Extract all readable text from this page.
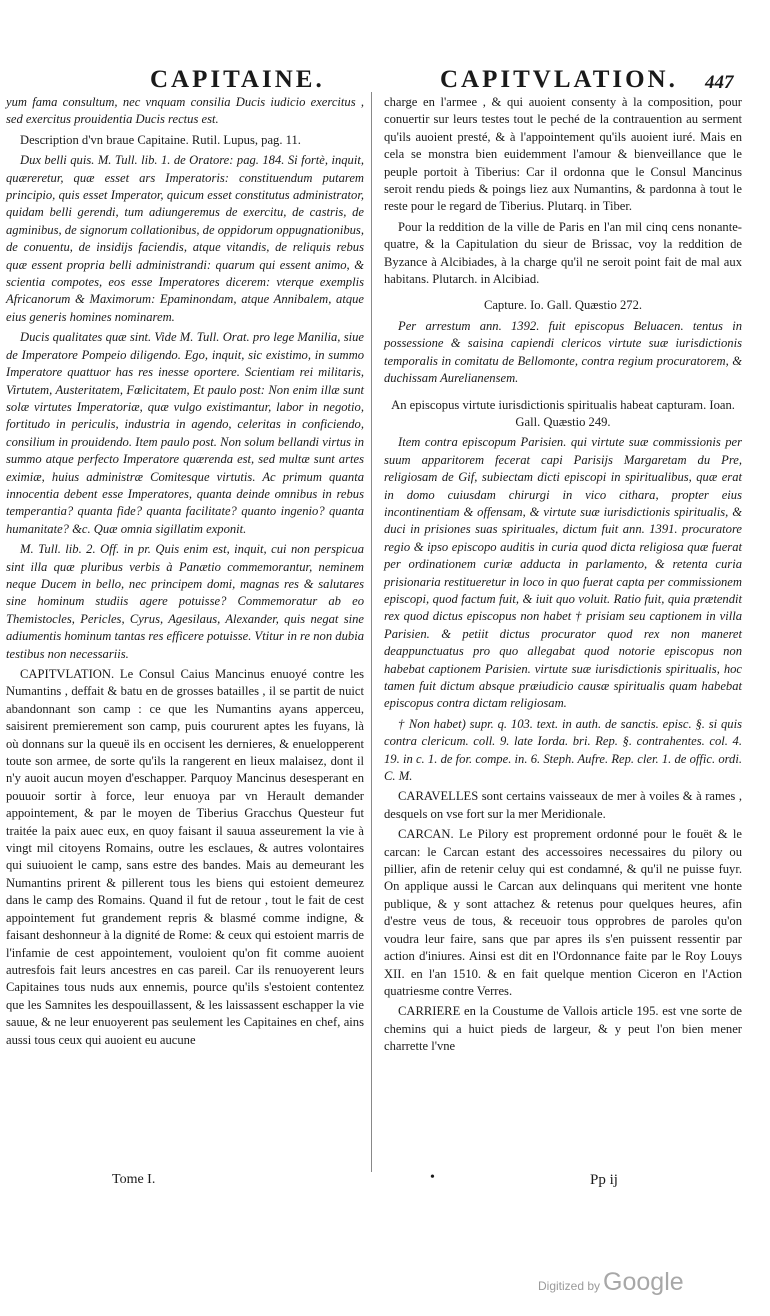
CAPITAINE.	CAPITVLATION. 447

yum fama consultum, nec vnquam consilia Ducis iudicio exercitus , sed exercitus prouidentia Ducis rectus est.

Description d'vn braue Capitaine. Rutil. Lupus, pag. 11.

Dux belli quis. M. Tull. lib. 1. de Oratore: pag. 184. Si fortè, inquit, quæreretur, quæ esset ars Imperatoris: constituendum putarem principio, quis esset Imperator, quicum esset constitutus administrator, quidam belli gerendi, tum adiungeremus de exercitu, de castris, de agminibus, de signorum collationibus, de oppidorum oppugnationibus, de conuentu, de insidijs faciendis, atque vitandis, de reliquis rebus quæ essent propria belli administrandi: quarum qui essent animo, & scientia compotes, eos esse Imperatores dicerem: vterque exemplis Africanorum & Maximorum: Epaminondam, atque Annibalem, atque eius generis homines nominarem.

Ducis qualitates quæ sint. Vide M. Tull. Orat. pro lege Manilia, siue de Imperatore Pompeio diligendo. Ego, inquit, sic existimo, in summo Imperatore quattuor has res inesse oportere. Scientiam rei militaris, Virtutem, Austeritatem, Fœlicitatem, Et paulo post: Non enim illæ sunt solæ virtutes Imperatoriæ, quæ vulgo existimantur, labor in negotio, fortitudo in periculis, industria in agendo, celeritas in conficiendo, consilium in prouidendo. Item paulo post. Non solum bellandi virtus in summo atque perfecto Imperatore quærenda est, sed multæ sunt artes eximiæ, huius administræ Comitesque virtutis. Ac primum quanta innocentia debent esse Imperatores, quanta deinde omnibus in rebus temperantia? quanta fide? quanta facilitate? quanto ingenio? quanta humanitate? &c. Quæ omnia sigillatim exponit.

M. Tull. lib. 2. Off. in pr. Quis enim est, inquit, cui non perspicua sint illa quæ pluribus verbis à Panætio commemorantur, neminem neque Ducem in bello, nec principem domi, magnas res & salutares sine hominum studiis agere potuisse? Commemoratur ab eo Themistocles, Pericles, Cyrus, Agesilaus, Alexander, quis negat sine adiumentis hominum tantas res efficere potuisse. Vtitur in re non dubia testibus non necessariis.

CAPITVLATION. Le Consul Caius Mancinus enuoyé contre les Numantins , deffait & batu en de grosses batailles , il se partit de nuict abandonnant son camp : ce que les Numantins ayans apperceu, saisirent premierement son camp, puis coururent aptes les fuyans, là où donnans sur la queuë ils en occisent les dernieres, & enuelopperent toute son armee, de sorte qu'ils la rangerent en lieux malaisez, dont il n'y auoit aucun moyen d'eschapper. Parquoy Mancinus desesperant en pouuoir sortir à force, leur enuoya par vn Herault demander appointement, & par le moyen de Tiberius Gracchus Questeur fut traitée la paix auec eux, en quoy faisant il sauua asseurement la vie à vingt mil citoyens Romains, outre les esclaues, & autres volontaires qui suiuoient le camp, sans estre des bandes. Mais au demeurant les Numantins prirent & pillerent tous les biens qui estoient demeurez dans le camp des Romains. Quand il fut de retour , tout le fait de cest appointement fut grandement repris & blasmé comme indigne, & faisant deshonneur à la dignité de Rome: & ceux qui estoient marris de l'infamie de cest appointement, vouloient qu'on fit comme auoient autresfois fait leurs ancestres en cas pareil. Car ils renuoyerent leurs Capitaines tous nuds aux ennemis, pource qu'ils s'estoient contentez que les Samnites les despouillassent, & les laissassent eschapper la vie sauue, & ne leur enuoyerent pas seulement les Capitaines en chef, ains aussi tous ceux qui auoient eu aucune

charge en l'armee , & qui auoient consenty à la composition, pour conuertir sur leurs testes tout le peché de la contrauention au serment qu'ils auoient presté, & à l'appointement qu'ils auoient iuré. Mais en cela se monstra bien euidemment l'amour & bienveillance que le peuple portoit à Tiberius: Car il ordonna que le Consul Mancinus seroit rendu pieds & poings liez aux Numantins, & pardonna à tout le reste pour le regard de Tiberius. Plutarq. in Tiber.

Pour la reddition de la ville de Paris en l'an mil cinq cens nonante-quatre, & la Capitulation du sieur de Brissac, voy la reddition de Byzance à Alcibiades, à la charge qu'il ne seroit point fait de mal aux habitans. Plutarch. in Alcibiad.

Capture. Io. Gall. Quæstio 272.

Per arrestum ann. 1392. fuit episcopus Beluacen. tentus in possessione & saisina capiendi clericos virtute suæ iurisdictionis temporalis in comitatu de Bellomonte, contra regium procuratorem, & duchissam Aurelianensem.

An episcopus virtute iurisdictionis spiritualis habeat capturam. Ioan. Gall. Quæstio 249.

Item contra episcopum Parisien. qui virtute suæ commissionis per suum apparitorem fecerat capi Parisijs Margaretam du Pre, religiosam de Gif, subiectam dicti episcopi in spiritualibus, quæ erat in domo cuiusdam chirurgi in vico cithara, propter eius incontinentiam & offensam, & virtute suæ iurisdictionis spiritualis, & duci in prisiones suas spirituales, dictum fuit ann. 1391. procuratore regio & ipso episcopo auditis in curia quod dicta religiosa quæ fuerat per ordinationem curiæ adducta in parlamento, & retenta curia prisionaria restitueretur in loco in quo fuerat capta per commissionem episcopi, quod factum fuit, & iuit quo voluit. Ratio fuit, quia prætendit rex quod dictus episcopus non habet † prisiam seu captionem in villa Parisien. & petiit dictus procurator quod rex non maneret deappunctuatus pro quo allegabat quod notorie episcopus non habebat captionem Parisien. virtute suæ iurisdictionis spiritualis, hoc tamen fuit dictum absque præiudicio causæ spiritualis quam habebat episcopus contra dictam religiosam.

† Non habet) supr. q. 103. text. in auth. de sanctis. episc. §. si quis contra clericum. coll. 9. late Iorda. bri. Rep. §. contrahentes. col. 4. 19. in c. 1. de for. compe. in. 6. Steph. Aufre. Rep. cler. 1. de offic. ordi. C. M.

CARAVELLES sont certains vaisseaux de mer à voiles & à rames , desquels on vse fort sur la mer Meridionale.

CARCAN. Le Pilory est proprement ordonné pour le fouët & le carcan: le Carcan estant des accessoires necessaires du pilory ou pillier, afin de retenir celuy qui est condamné, & qu'il ne puisse fuyr. On applique aussi le Carcan aux delinquans qui meritent vne honte publique, & y sont attachez & retenus pour quelques heures, afin d'estre veus de tous, & receuoir tous opprobres de paroles qu'on voudra leur faire, sans que par apres ils s'en puissent ressentir par action d'iniures. Ainsi est dit en l'Ordonnance faite par le Roy Louys XII. en l'an 1510. & en fait quelque mention Ciceron en l'Action quatriesme contre Verres.

CARRIERE en la Coustume de Vallois article 195. est vne sorte de chemins qui a huict pieds de largeur, & y peut l'on bien mener charrette l'vne

Tome I.	•	Pp ij
Digitized by Google
